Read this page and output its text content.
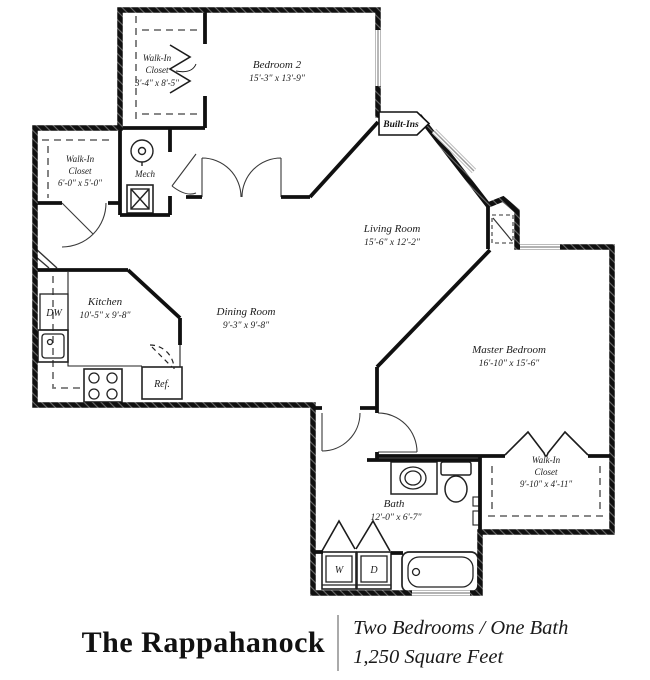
Built-Ins
Walk-In
Closet
3'-4" x 8'-5"
Bedroom 2
15'-3" x 13'-9"
Walk-In
Closet
6'-0" x 5'-0"
Mech
Living Room
15'-6" x 12'-2"
Kitchen
10'-5" x 9'-8"	Dining Room
9'-3" x 9'-8"
Master Bedroom
16'-10" x 15'-6"
Bath
12'-0" x 6'-7"
Walk-In
Closet
9'-10" x 4'-11"
DW
Ref.
W	D
The Rappahanock Two Bedrooms / One Bath
1,250 Square Feet
